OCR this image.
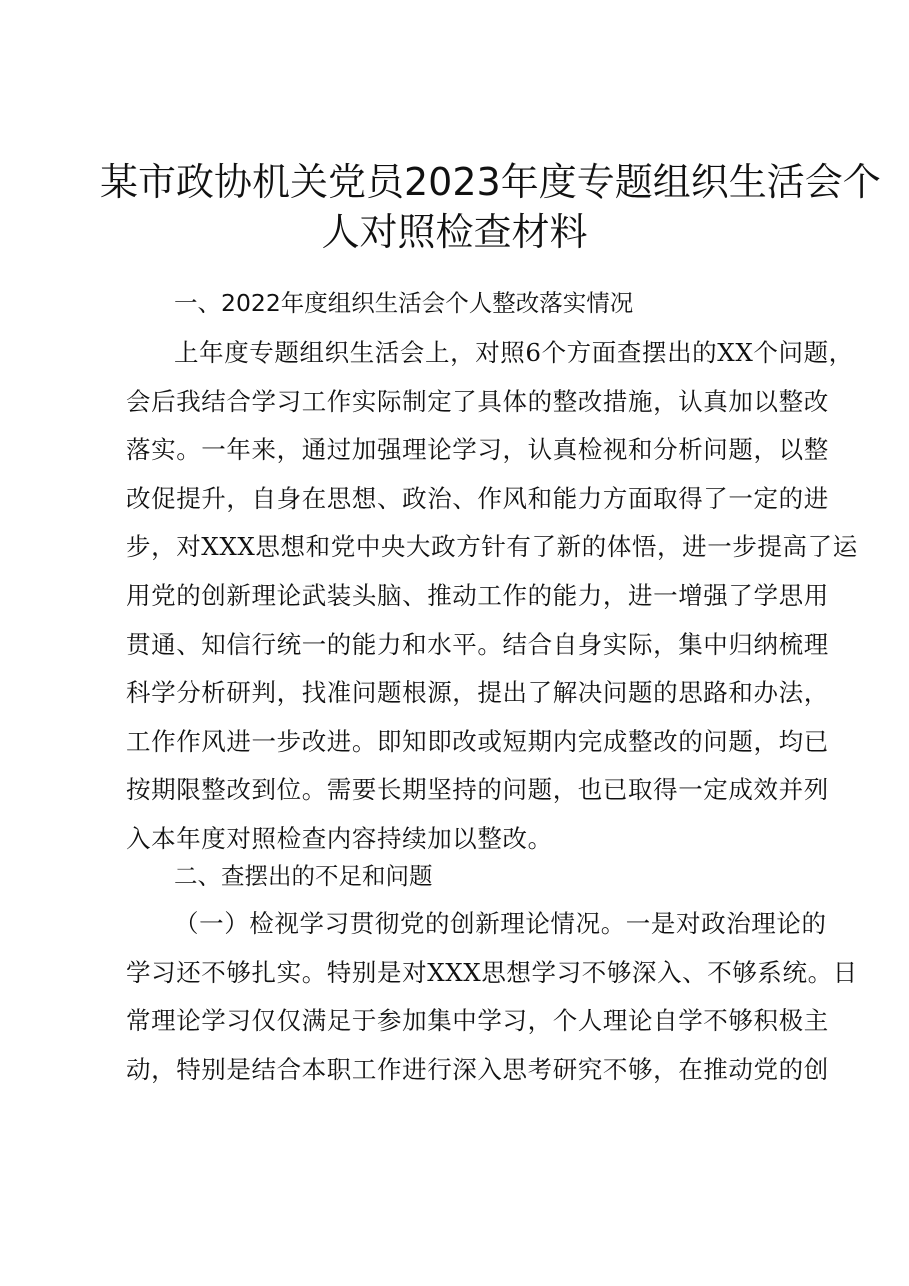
某市政协机关党员2023年度专题组织生活会个
人对照检查材料
一、2022年度组织生活会个人整改落实情况
上年度专题组织生活会上，对照6个方面查摆出的XX个问题，
会后我结合学习工作实际制定了具体的整改措施，认真加以整改
落实。一年来，通过加强理论学习，认真检视和分析问题，以整
改促提升，自身在思想、政治、作风和能力方面取得了一定的进
步，对XXX思想和党中央大政方针有了新的体悟，进一步提高了运
用党的创新理论武装头脑、推动工作的能力，进一增强了学思用
贯通、知信行统一的能力和水平。结合自身实际，集中归纳梳理
科学分析研判，找准问题根源，提出了解决问题的思路和办法，
工作作风进一步改进。即知即改或短期内完成整改的问题，均已
按期限整改到位。需要长期坚持的问题，也已取得一定成效并列
入本年度对照检查内容持续加以整改。
二、查摆出的不足和问题
（一）检视学习贯彻党的创新理论情况。一是对政治理论的
学习还不够扎实。特别是对XXX思想学习不够深入、不够系统。日
常理论学习仅仅满足于参加集中学习，个人理论自学不够积极主
动，特别是结合本职工作进行深入思考研究不够，在推动党的创
